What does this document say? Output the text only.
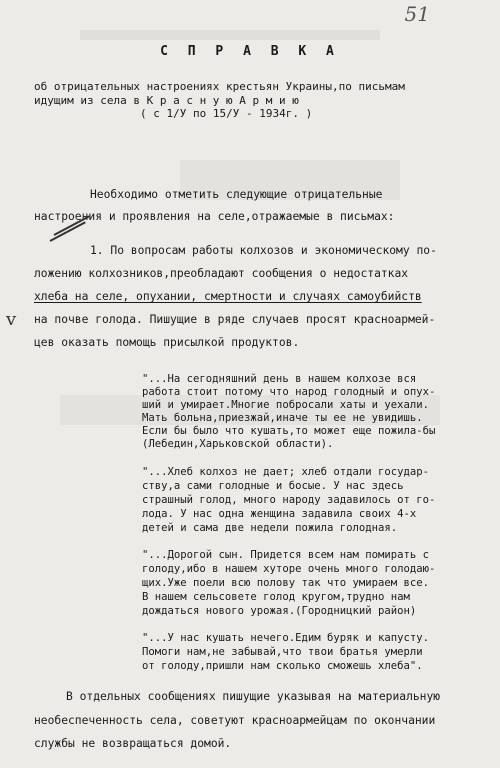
51
С П Р А В К А
об отрицательных настроениях крестьян Украины,по письмам
идущим из села в К р а с н у ю А р м и ю
( с 1/У по 15/У - 1934г. )
Необходимо отметить следующие отрицательные
настроения и проявления на селе,отражаемые в письмах:
1. По вопросам работы колхозов и экономическому по-
ложению колхозников,преобладают сообщения о недостатках
хлеба на селе, опухании, смертности и случаях самоубийств
v на почве голода. Пишущие в ряде случаев просят красноармей-
цев оказать помощь присылкой продуктов.
"...На сегодняшний день в нашем колхозе вся
работа стоит потому что народ голодный и опух-
ший и умирает.Многие побросали хаты и уехали.
Мать больна,приезжай,иначе ты ее не увидишь.
Если бы было что кушать,то может еще пожила-бы
(Лебедин,Харьковской области).
"...Хлеб колхоз не дает; хлеб отдали государ-
ству,а сами голодные и босые. У нас здесь
страшный голод, много народу задавилось от го-
лода. У нас одна женщина задавила своих 4-х
детей и сама две недели пожила голодная.
"...Дорогой сын. Придется всем нам помирать с
голоду,ибо в нашем хуторе очень много голодаю-
щих.Уже поели всю полову так что умираем все.
В нашем сельсовете голод кругом,трудно нам
дождаться нового урожая.(Городницкий район)
"...У нас кушать нечего.Едим буряк и капусту.
Помоги нам,не забывай,что твои братья умерли
от голоду,пришли нам сколько сможешь хлеба".
В отдельных сообщениях пишущие указывая на материальную
необеспеченность села, советуют красноармейцам по окончании
службы не возвращаться домой.
